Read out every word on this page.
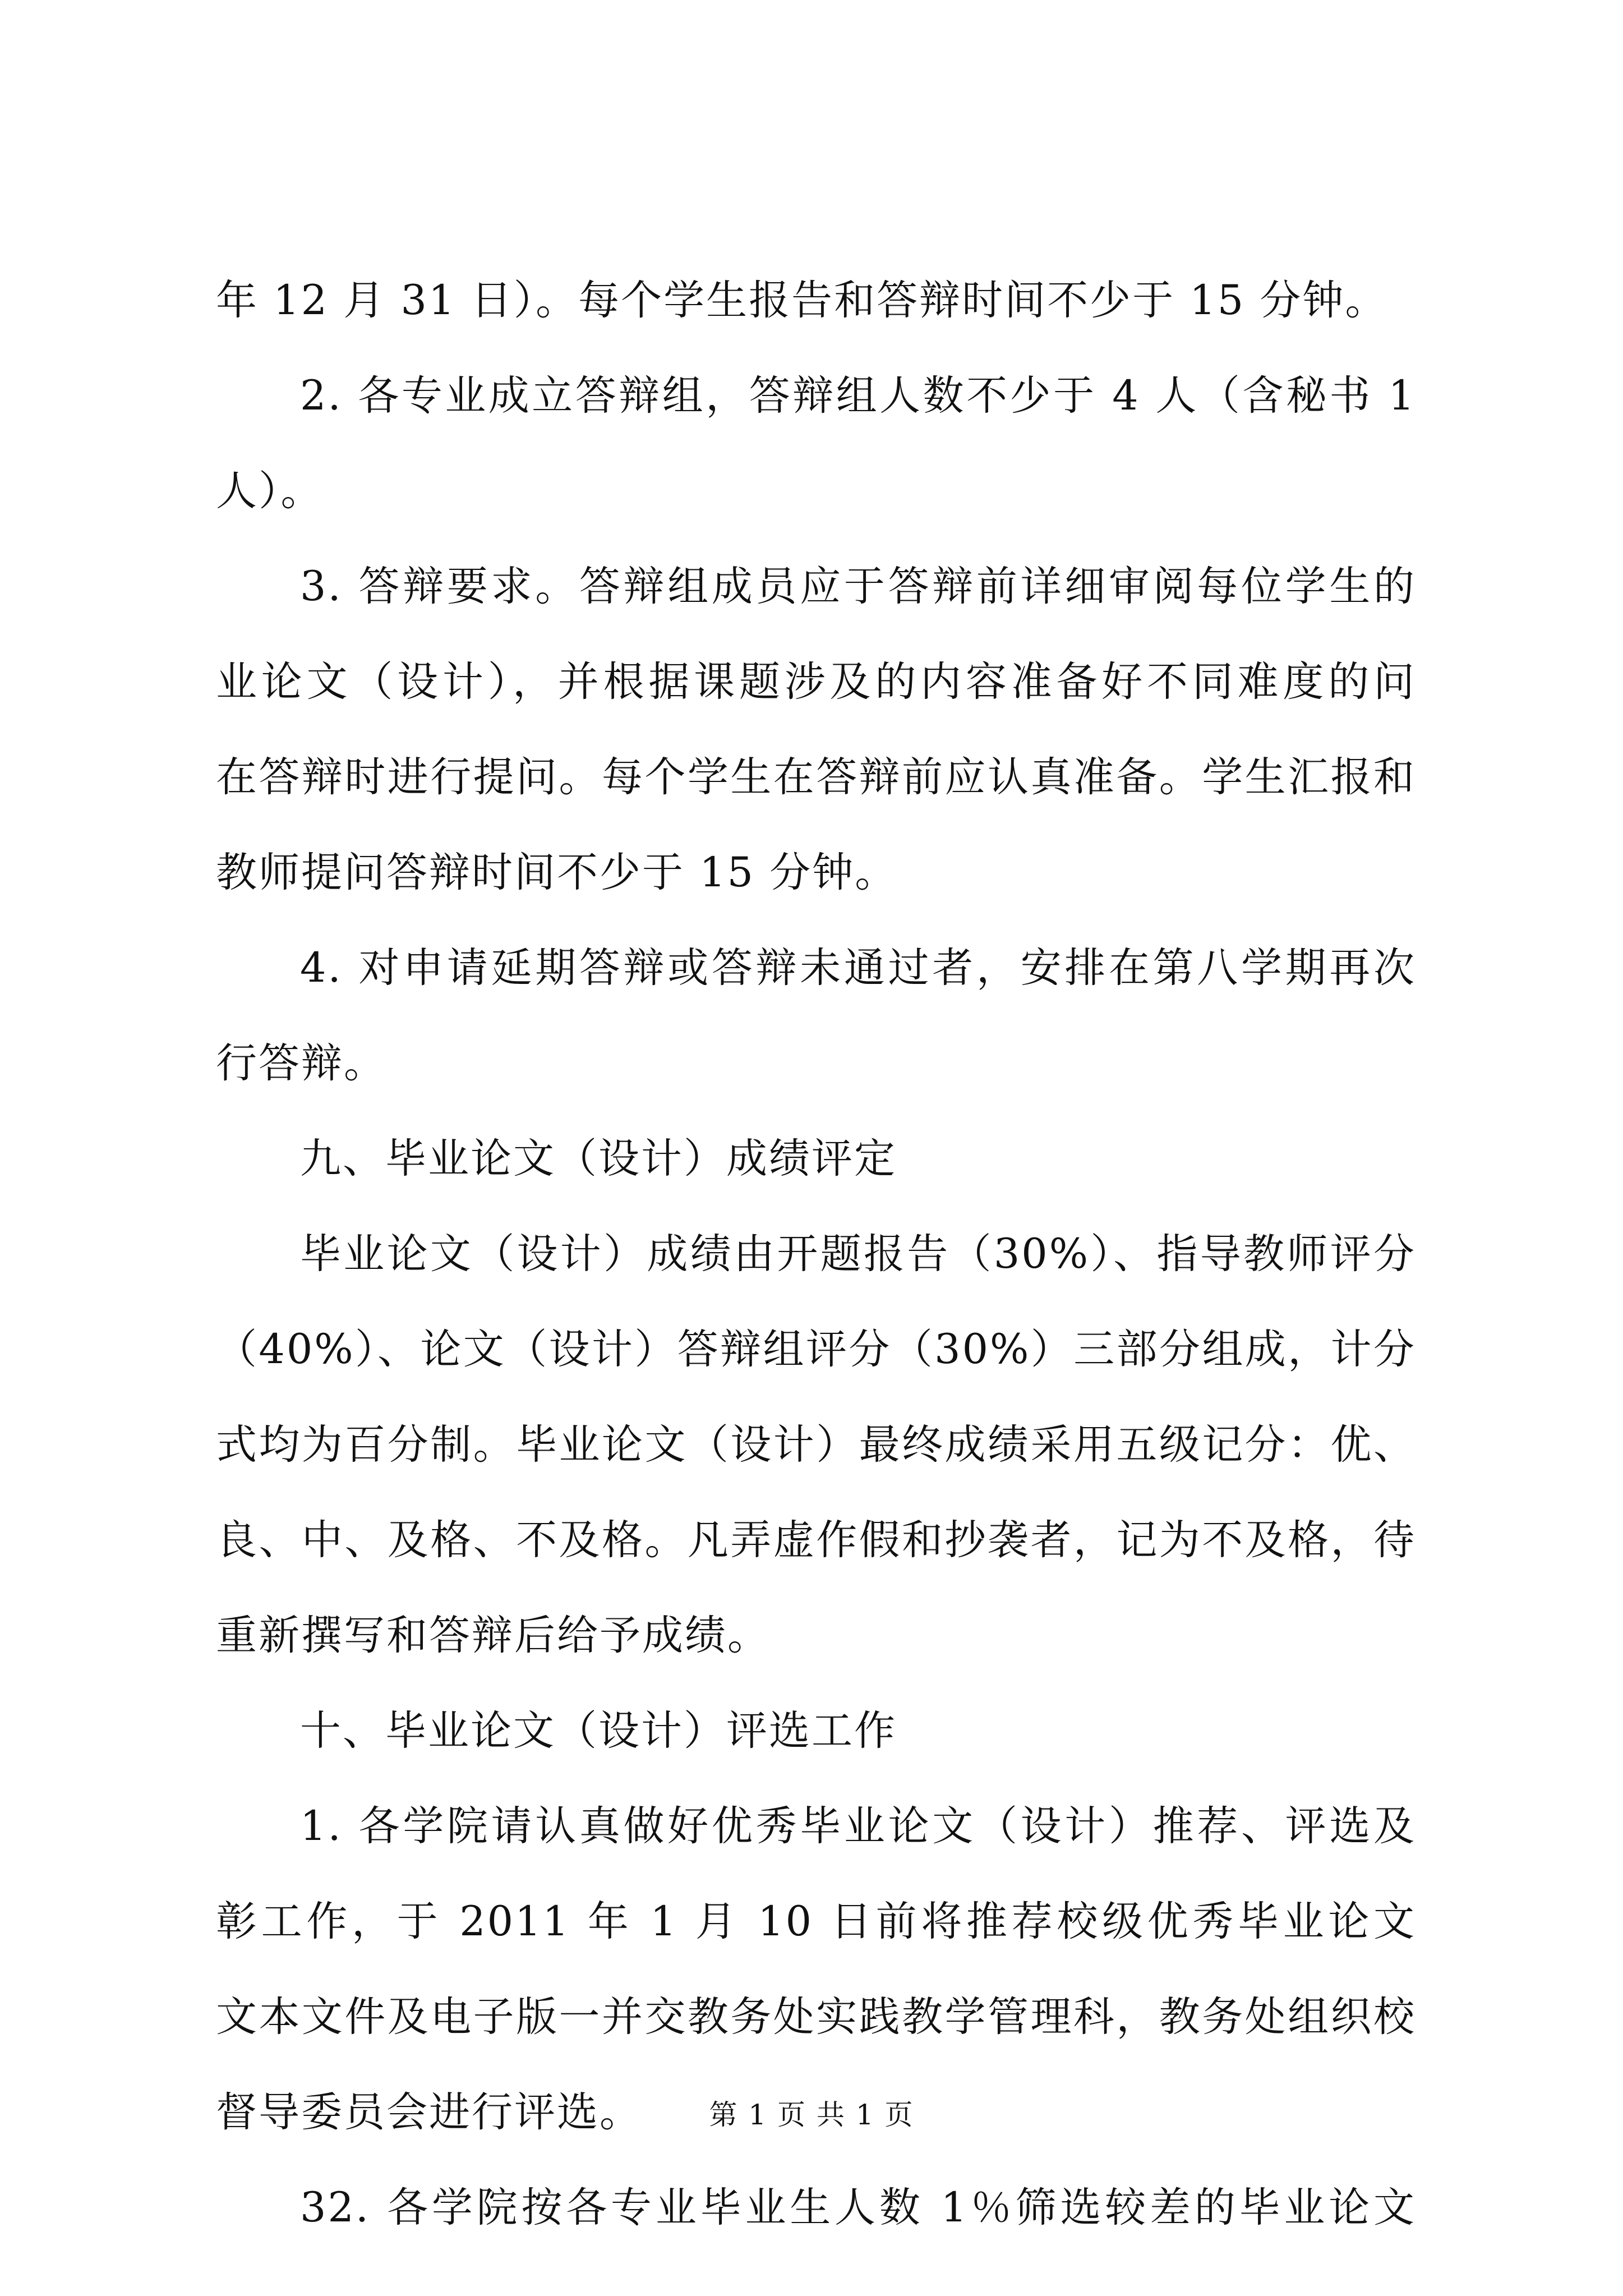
年 12 月 31 日）。每个学生报告和答辩时间不少于 15 分钟。
2. 各专业成立答辩组，答辩组人数不少于 4 人（含秘书 1
人）。
3. 答辩要求。答辩组成员应于答辩前详细审阅每位学生的
业论文（设计），并根据课题涉及的内容准备好不同难度的问
在答辩时进行提问。每个学生在答辩前应认真准备。学生汇报和
教师提问答辩时间不少于 15 分钟。
4. 对申请延期答辩或答辩未通过者，安排在第八学期再次
行答辩。
九、毕业论文（设计）成绩评定
毕业论文（设计）成绩由开题报告（30%）、指导教师评分
（40%）、论文（设计）答辩组评分（30%）三部分组成，计分
式均为百分制。毕业论文（设计）最终成绩采用五级记分：优、
良、中、及格、不及格。凡弄虚作假和抄袭者，记为不及格，待
重新撰写和答辩后给予成绩。
十、毕业论文（设计）评选工作
1. 各学院请认真做好优秀毕业论文（设计）推荐、评选及
彰工作，于 2011 年 1 月 10 日前将推荐校级优秀毕业论文
文本文件及电子版一并交教务处实践教学管理科，教务处组织校
督导委员会进行评选。
32. 各学院按各专业毕业生人数 1％筛选较差的毕业论文
第 1 页 共 1 页
